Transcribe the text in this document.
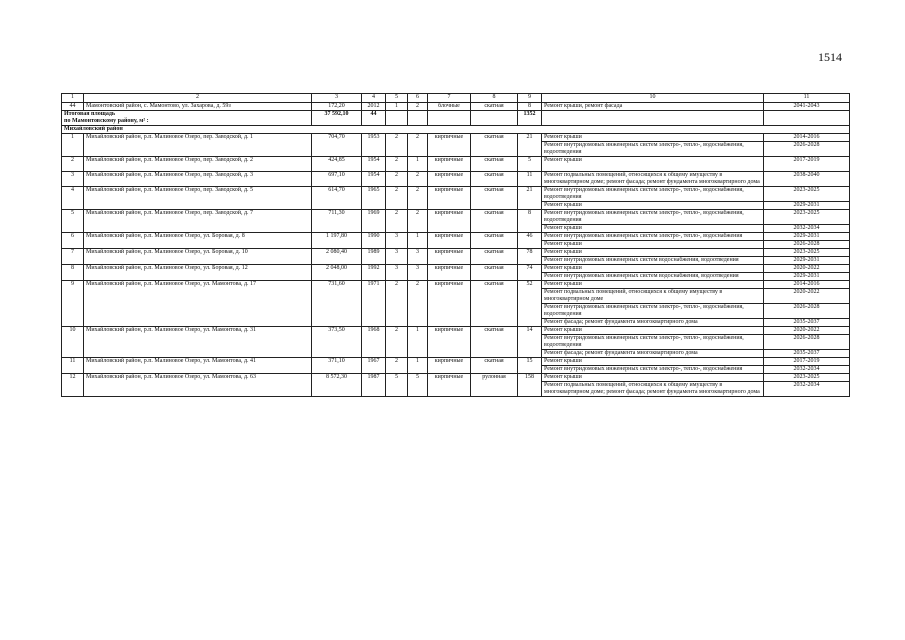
1514
1	2	3	4	5	6	7	8	9	10	11
44	Мамонтовский район, с. Мамонтово, ул. Захарова, д. 59з	172,20	2012	1	2	блочные	скатная	8	Ремонт крыши, ремонт фасада	2041-2043
Итоговая площадь
по Мамонтовскому району, м² :		37 592,10	44					1352		
Михайловский район										
1	Михайловский район, р.п. Малиновое Озеро, пер. Заводской, д. 1	704,70	1953	2	2	кирпичные	скатная	21	Ремонт крыши	2014-2016
									Ремонт внутридомовых инженерных систем электро-, тепло-, водоснабжения, водоотведения	2026-2028
2	Михайловский район, р.п. Малиновое Озеро, пер. Заводской, д. 2	424,85	1954	2	1	кирпичные	скатная	5	Ремонт крыши	2017-2019
3	Михайловский район, р.п. Малиновое Озеро, пер. Заводской, д. 3	697,10	1954	2	2	кирпичные	скатная	11	Ремонт подвальных помещений, относящихся к общему имуществу в многоквартирном доме; ремонт фасада; ремонт фундамента многоквартирного дома	2038-2040
4	Михайловский район, р.п. Малиновое Озеро, пер. Заводской, д. 5	614,70	1965	2	2	кирпичные	скатная	21	Ремонт внутридомовых инженерных систем электро-, тепло-, водоснабжения, водоотведения	2023-2025
									Ремонт крыши	2029-2031
5	Михайловский район, р.п. Малиновое Озеро, пер. Заводской, д. 7	711,30	1969	2	2	кирпичные	скатная	8	Ремонт внутридомовых инженерных систем электро-, тепло-, водоснабжения, водоотведения	2023-2025
									Ремонт крыши	2032-2034
6	Михайловский район, р.п. Малиновое Озеро, ул. Боровая, д. 8	1 197,80	1990	3	1	кирпичные	скатная	46	Ремонт внутридомовых инженерных систем электро-, тепло-, водоснабжения	2029-2031
									Ремонт крыши	2026-2028
7	Михайловский район, р.п. Малиновое Озеро, ул. Боровая, д. 10	2 080,40	1989	3	3	кирпичные	скатная	78	Ремонт крыши	2023-2025
									Ремонт внутридомовых инженерных систем водоснабжения, водоотведения	2029-2031
8	Михайловский район, р.п. Малиновое Озеро, ул. Боровая, д. 12	2 048,00	1992	3	3	кирпичные	скатная	74	Ремонт крыши	2020-2022
									Ремонт внутридомовых инженерных систем водоснабжения, водоотведения	2029-2031
9	Михайловский район, р.п. Малиновое Озеро, ул. Мамонтова, д. 17	731,60	1971	2	2	кирпичные	скатная	52	Ремонт крыши	2014-2016
									Ремонт подвальных помещений, относящихся к общему имуществу в многоквартирном доме	2020-2022
									Ремонт внутридомовых инженерных систем электро-, тепло-, водоснабжения, водоотведения	2026-2028
									Ремонт фасада; ремонт фундамента многоквартирного дома	2035-2037
10	Михайловский район, р.п. Малиновое Озеро, ул. Мамонтова, д. 31	373,50	1968	2	1	кирпичные	скатная	14	Ремонт крыши	2020-2022
									Ремонт внутридомовых инженерных систем электро-, тепло-, водоснабжения, водоотведения	2026-2028
									Ремонт фасада; ремонт фундамента многоквартирного дома	2035-2037
11	Михайловский район, р.п. Малиновое Озеро, ул. Мамонтова, д. 41	371,10	1967	2	1	кирпичные	скатная	15	Ремонт крыши	2017-2019
									Ремонт внутридомовых инженерных систем электро-, тепло-, водоснабжения	2032-2034
12	Михайловский район, р.п. Малиновое Озеро, ул. Мамонтова, д. 63	8 572,30	1987	5	5	кирпичные	рулонная	158	Ремонт крыши	2023-2025
									Ремонт подвальных помещений, относящихся к общему имуществу в многоквартирном доме; ремонт фасада; ремонт фундамента многоквартирного дома	2032-2034
